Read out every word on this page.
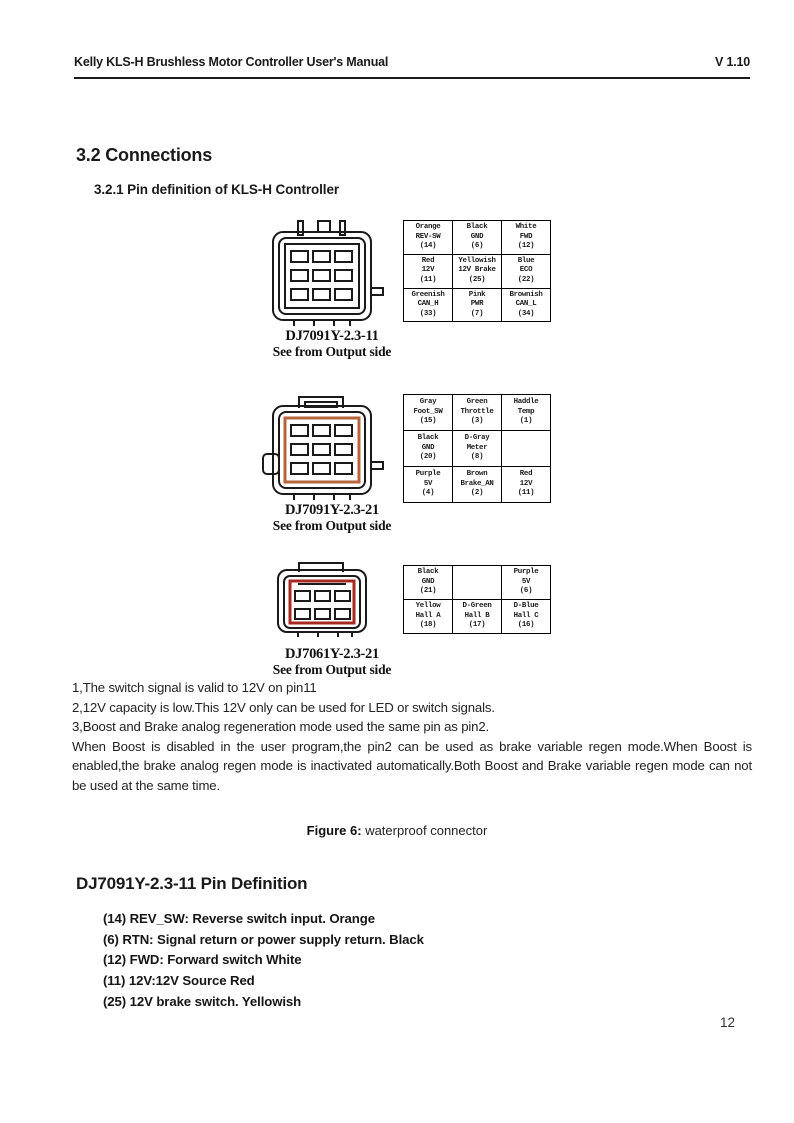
Kelly KLS-H Brushless Motor Controller User's Manual	V 1.10
3.2 Connections
3.2.1 Pin definition of KLS-H Controller
DJ7091Y-2.3-11
See from Output side
Orange
REV-SW
(14)	Black
GND
(6)	White
FWD
(12)

Red
12V
(11)	Yellowish
12V Brake
(25)	Blue
ECO
(22)

Greenish
CAN_H
(33)	Pink
PWR
(7)	Brownish
CAN_L
(34)
DJ7091Y-2.3-21
See from Output side
Gray
Foot_SW
(15)	Green
Throttle
(3)	Haddle
Temp
(1)

Black
GND
(20)	D-Gray
Meter
(8)	

Purple
5V
(4)	Brown
Brake_AN
(2)	Red
12V
(11)
DJ7061Y-2.3-21
See from Output side
Black
GND
(21)		Purple
5V
(6)

Yellow
Hall A
(18)	D-Green
Hall B
(17)	D-Blue
Hall C
(16)
1,The switch signal is valid to 12V on pin11
2,12V capacity is low.This 12V only can be used for LED or switch signals.
3,Boost and Brake analog regeneration mode used the same pin as pin2.
When Boost is disabled in the user program,the pin2 can be used as brake variable regen mode.When Boost is enabled,the brake analog regen mode is inactivated automatically.Both Boost and Brake variable regen mode can not be used at the same time.
Figure 6: waterproof connector
DJ7091Y-2.3-11 Pin Definition
(14) REV_SW: Reverse switch input. Orange
(6) RTN: Signal return or power supply return. Black
(12) FWD: Forward switch White
(11) 12V:12V Source Red
(25) 12V brake switch. Yellowish
12
